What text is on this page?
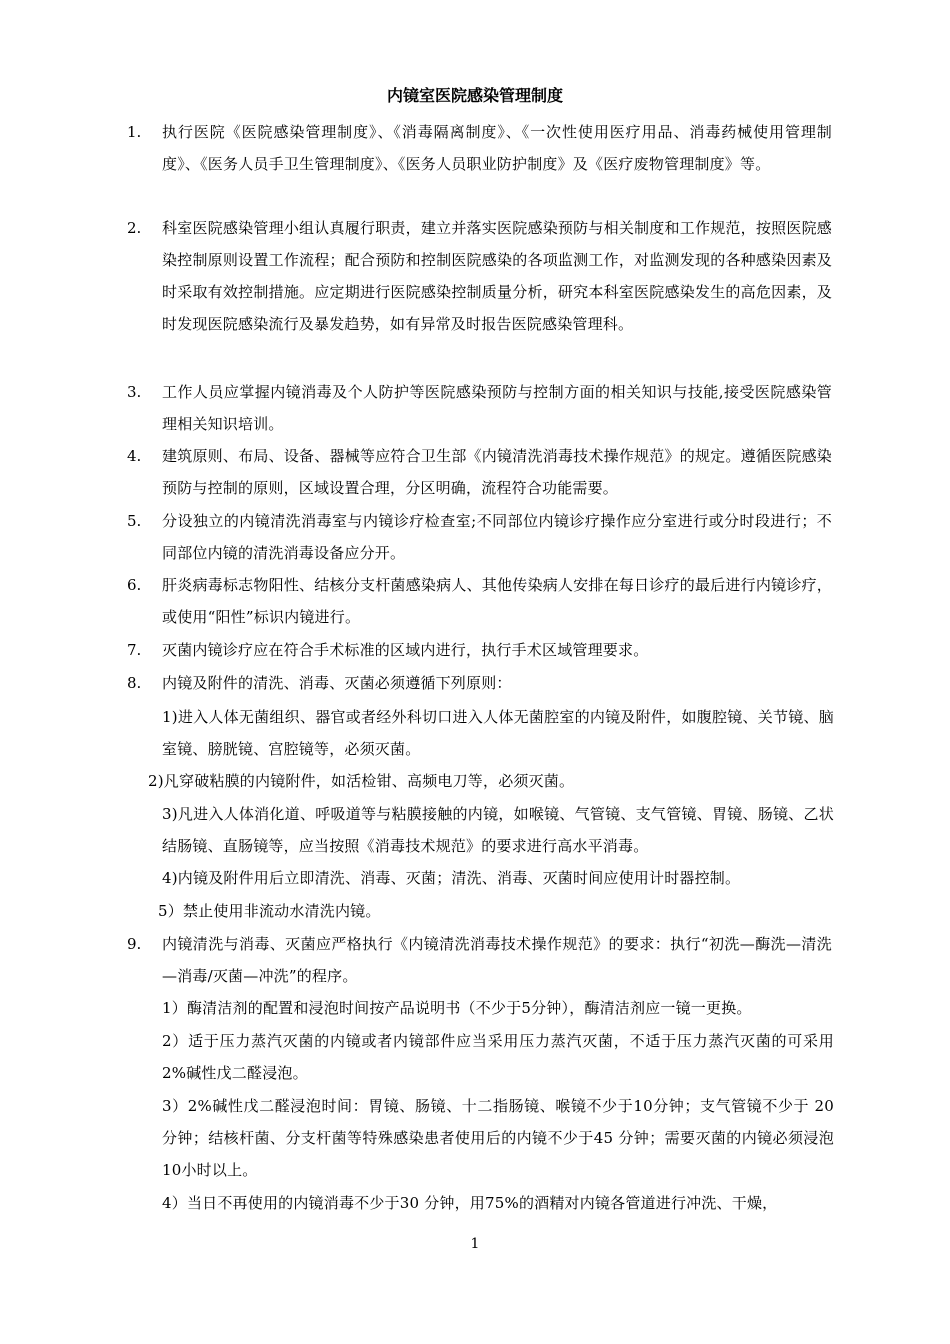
内镜室医院感染管理制度
1. 执行医院《医院感染管理制度》、《消毒隔离制度》、《一次性使用医疗用品、消毒药械使用管理制度》、《医务人员手卫生管理制度》、《医务人员职业防护制度》及《医疗废物管理制度》等。
2. 科室医院感染管理小组认真履行职责，建立并落实医院感染预防与相关制度和工作规范，按照医院感染控制原则设置工作流程；配合预防和控制医院感染的各项监测工作，对监测发现的各种感染因素及时采取有效控制措施。应定期进行医院感染控制质量分析，研究本科室医院感染发生的高危因素，及时发现医院感染流行及暴发趋势，如有异常及时报告医院感染管理科。
3. 工作人员应掌握内镜消毒及个人防护等医院感染预防与控制方面的相关知识与技能,接受医院感染管理相关知识培训。
4. 建筑原则、布局、设备、器械等应符合卫生部《内镜清洗消毒技术操作规范》的规定。遵循医院感染预防与控制的原则，区域设置合理，分区明确，流程符合功能需要。
5. 分设独立的内镜清洗消毒室与内镜诊疗检查室;不同部位内镜诊疗操作应分室进行或分时段进行；不同部位内镜的清洗消毒设备应分开。
6. 肝炎病毒标志物阳性、结核分支杆菌感染病人、其他传染病人安排在每日诊疗的最后进行内镜诊疗，或使用“阳性”标识内镜进行。
7. 灭菌内镜诊疗应在符合手术标准的区域内进行，执行手术区域管理要求。
8. 内镜及附件的清洗、消毒、灭菌必须遵循下列原则：
1)进入人体无菌组织、器官或者经外科切口进入人体无菌腔室的内镜及附件，如腹腔镜、关节镜、脑室镜、膀胱镜、宫腔镜等，必须灭菌。
2)凡穿破粘膜的内镜附件，如活检钳、高频电刀等，必须灭菌。
3)凡进入人体消化道、呼吸道等与粘膜接触的内镜，如喉镜、气管镜、支气管镜、胃镜、肠镜、乙状结肠镜、直肠镜等，应当按照《消毒技术规范》的要求进行高水平消毒。
4)内镜及附件用后立即清洗、消毒、灭菌；清洗、消毒、灭菌时间应使用计时器控制。
5）禁止使用非流动水清洗内镜。
9. 内镜清洗与消毒、灭菌应严格执行《内镜清洗消毒技术操作规范》的要求：执行“初洗—酶洗—清洗—消毒/灭菌—冲洗”的程序。
1）酶清洁剂的配置和浸泡时间按产品说明书（不少于5分钟），酶清洁剂应一镜一更换。
2）适于压力蒸汽灭菌的内镜或者内镜部件应当采用压力蒸汽灭菌，不适于压力蒸汽灭菌的可采用2%碱性戊二醛浸泡。
3）2%碱性戊二醛浸泡时间：胃镜、肠镜、十二指肠镜、喉镜不少于10分钟；支气管镜不少于 20 分钟；结核杆菌、分支杆菌等特殊感染患者使用后的内镜不少于45 分钟；需要灭菌的内镜必须浸泡10小时以上。
4）当日不再使用的内镜消毒不少于30 分钟，用75%的酒精对内镜各管道进行冲洗、干燥，
1
